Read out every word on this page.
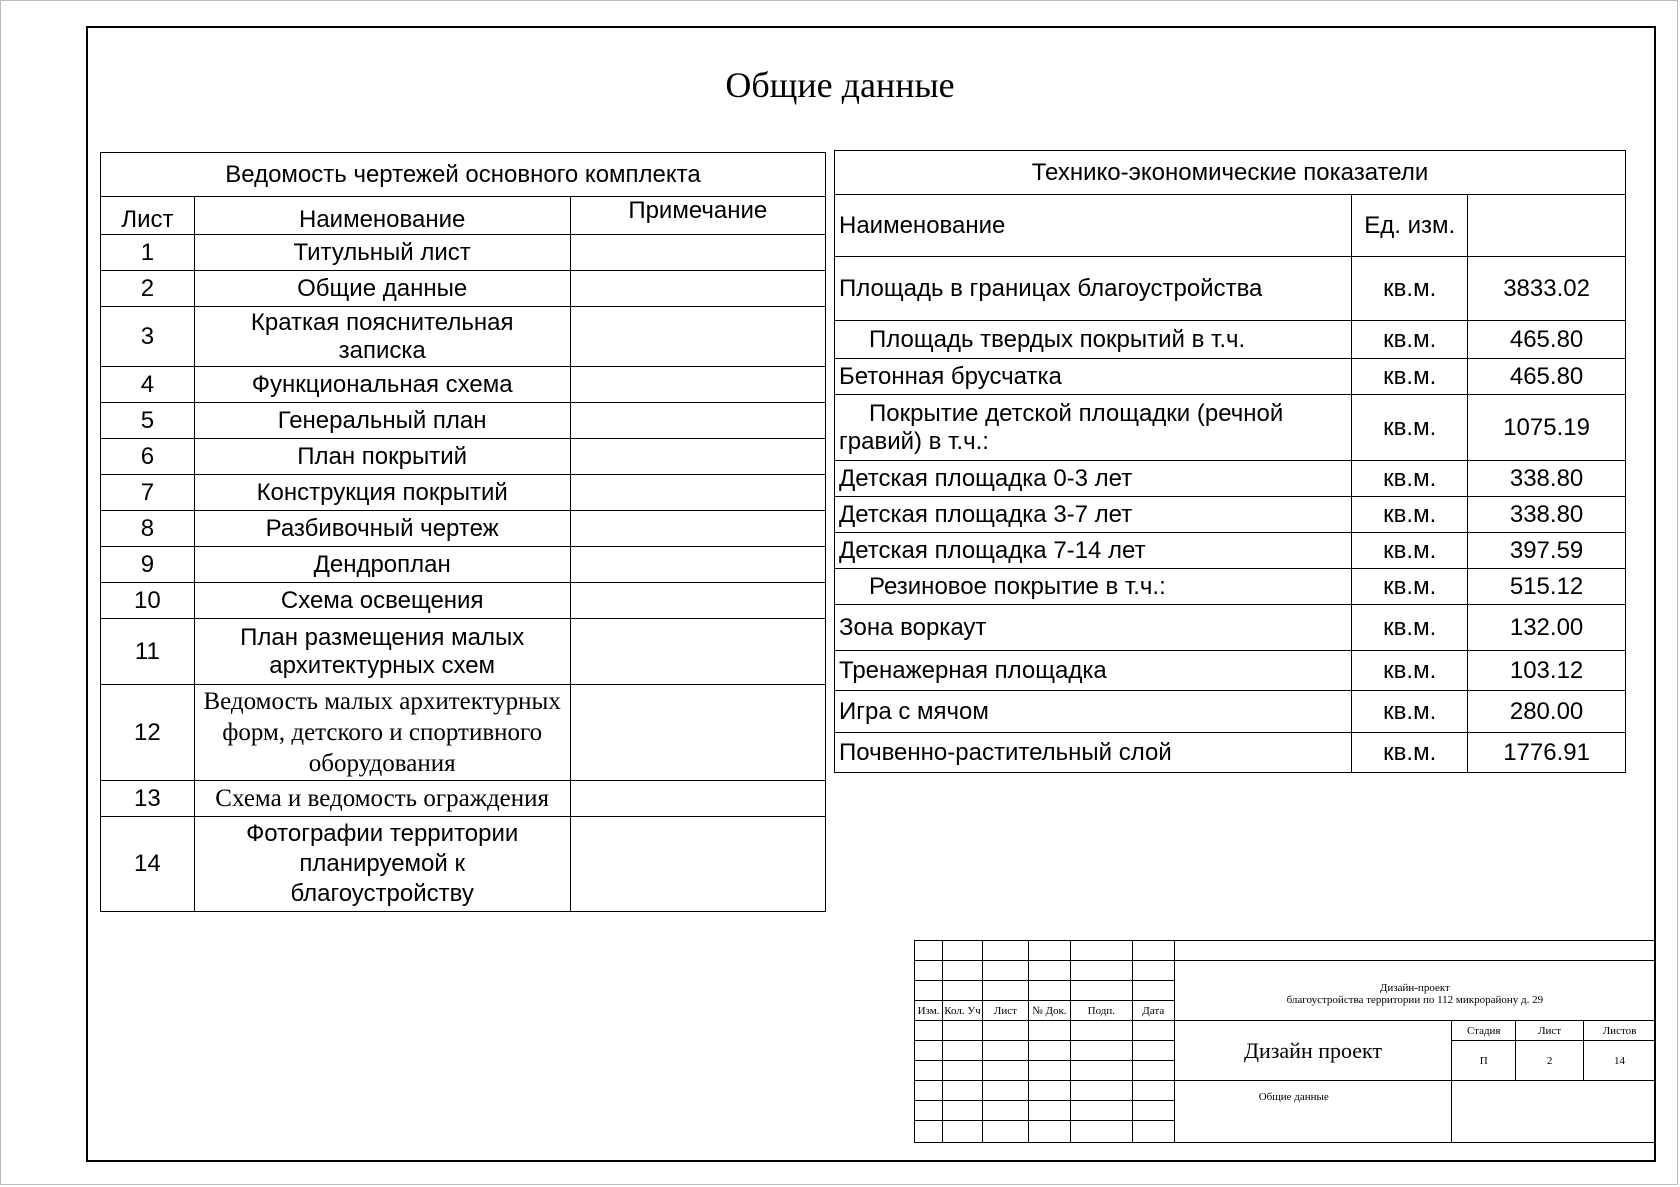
Общие данные
Ведомость чертежей основного комплекта		
Лист	Наименование	Примечание
1	Титульный лист	
2	Общие данные	
3	Краткая пояснительная записка	
4	Функциональная схема	
5	Генеральный план	
6	План покрытий	
7	Конструкция покрытий	
8	Разбивочный чертеж	
9	Дендроплан	
10	Схема освещения	
11	План размещения малых архитектурных схем	
12	Ведомость малых архитектурных форм, детского и спортивного оборудования	
13	Схема и ведомость ограждения	
14	Фотографии территории планируемой к благоустройству	
Технико-экономические показатели		
Наименование	Ед. изм.	
Площадь в границах благоустройства	кв.м.	3833.02
Площадь твердых покрытий в т.ч.	кв.м.	465.80
Бетонная брусчатка	кв.м.	465.80

Покрытие детской площадки (речной гравий) в т.ч.:	кв.м.	1075.19
Детская площадка 0-3 лет	кв.м.	338.80
Детская площадка 3-7 лет	кв.м.	338.80
Детская площадка 7-14 лет	кв.м.	397.59
Резиновое покрытие в т.ч.:	кв.м.	515.12
Зона воркаут	кв.м.	132.00
Тренажерная площадка	кв.м.	103.12
Игра с мячом	кв.м.	280.00
Почвенно-растительный слой	кв.м.	1776.91

						Дизайн-проект
благоустройства территории по 112 микрорайону д. 29			

Изм.	Кол. Уч	Лист	№ Док.	Подп.	Дата				
						Дизайн проект	Стадия	Лист	Листов
							П	2	14

						Общие данные			
